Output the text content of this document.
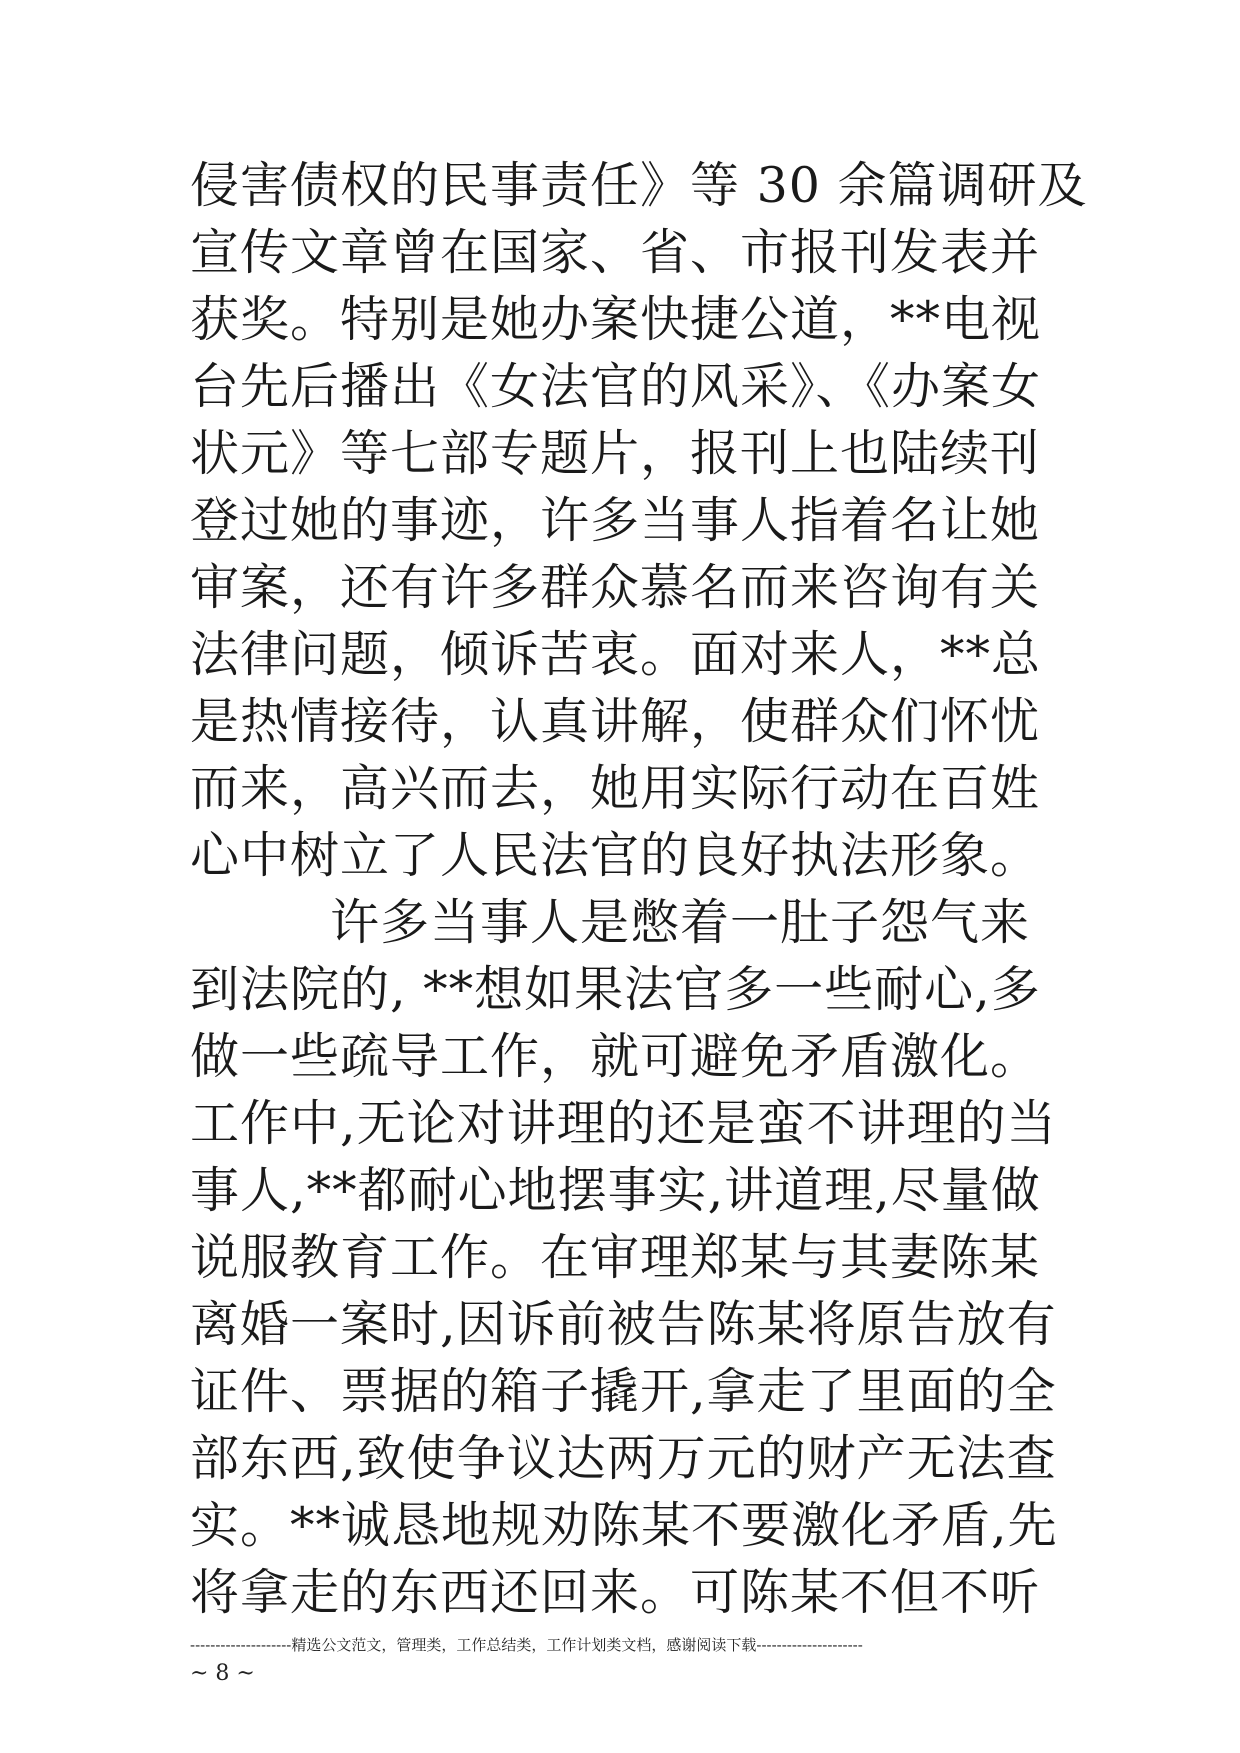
侵害债权的民事责任》等 30 余篇调研及
宣传文章曾在国家、省、市报刊发表并
获奖。特别是她办案快捷公道，**电视
台先后播出《女法官的风采》、《办案女
状元》等七部专题片，报刊上也陆续刊
登过她的事迹，许多当事人指着名让她
审案，还有许多群众慕名而来咨询有关
法律问题，倾诉苦衷。面对来人，**总
是热情接待，认真讲解，使群众们怀忧
而来，高兴而去，她用实际行动在百姓
心中树立了人民法官的良好执法形象。
许多当事人是憋着一肚子怨气来
到法院的, **想如果法官多一些耐心,多
做一些疏导工作，就可避免矛盾激化。
工作中,无论对讲理的还是蛮不讲理的当
事人,**都耐心地摆事实,讲道理,尽量做
说服教育工作。在审理郑某与其妻陈某
离婚一案时,因诉前被告陈某将原告放有
证件、票据的箱子撬开,拿走了里面的全
部东西,致使争议达两万元的财产无法查
实。**诚恳地规劝陈某不要激化矛盾,先
将拿走的东西还回来。可陈某不但不听
--------------------精选公文范文，管理类，工作总结类，工作计划类文档，感谢阅读下载---------------------
~ 8 ~
